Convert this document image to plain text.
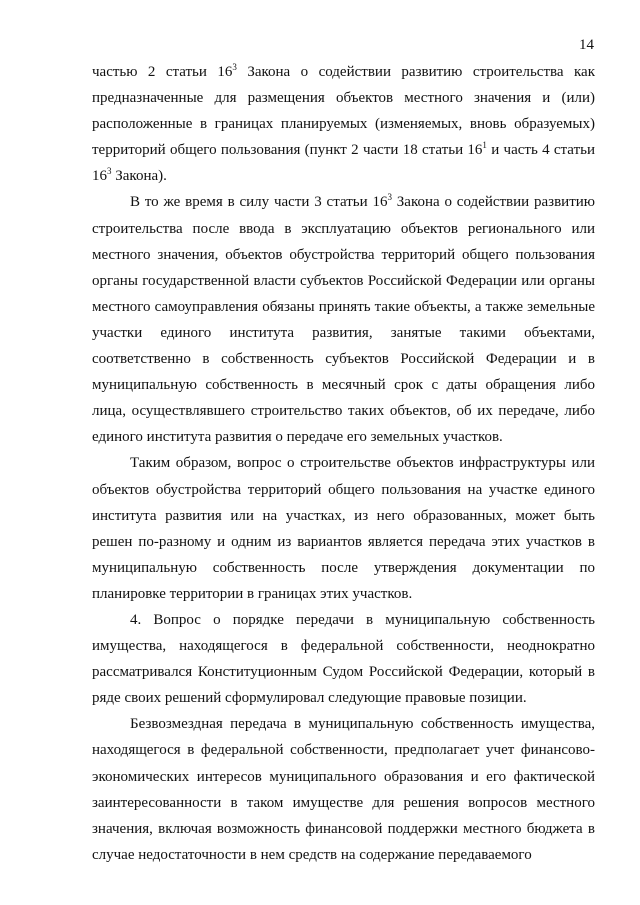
14

частью 2 статьи $16^3$ Закона о содействии развитию строительства как предназначенные для размещения объектов местного значения и (или) расположенные в границах планируемых (изменяемых, вновь образуемых) территорий общего пользования (пункт 2 части 18 статьи $16^1$ и часть 4 статьи $16^3$ Закона).

В то же время в силу части 3 статьи $16^3$ Закона о содействии развитию строительства после ввода в эксплуатацию объектов регионального или местного значения, объектов обустройства территорий общего пользования органы государственной власти субъектов Российской Федерации или органы местного самоуправления обязаны принять такие объекты, а также земельные участки единого института развития, занятые такими объектами, соответственно в собственность субъектов Российской Федерации и в муниципальную собственность в месячный срок с даты обращения либо лица, осуществлявшего строительство таких объектов, об их передаче, либо единого института развития о передаче его земельных участков.

Таким образом, вопрос о строительстве объектов инфраструктуры или объектов обустройства территорий общего пользования на участке единого института развития или на участках, из него образованных, может быть решен по-разному и одним из вариантов является передача этих участков в муниципальную собственность после утверждения документации по планировке территории в границах этих участков.

4. Вопрос о порядке передачи в муниципальную собственность имущества, находящегося в федеральной собственности, неоднократно рассматривался Конституционным Судом Российской Федерации, который в ряде своих решений сформулировал следующие правовые позиции.

Безвозмездная передача в муниципальную собственность имущества, находящегося в федеральной собственности, предполагает учет финансово-экономических интересов муниципального образования и его фактической заинтересованности в таком имуществе для решения вопросов местного значения, включая возможность финансовой поддержки местного бюджета в случае недостаточности в нем средств на содержание передаваемого
